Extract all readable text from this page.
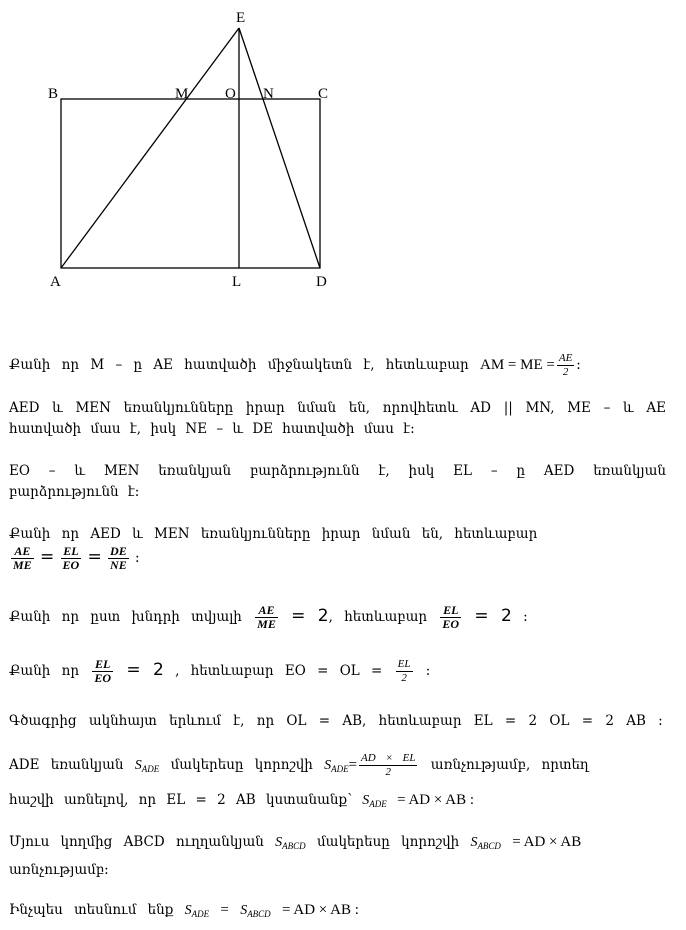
E
B	M O N	C
A	L	D
Քանի որ M – ը AE հատվածի միջնակետն է, հետևաբար AM = ME = $\frac{AE}{2}$ :

AED և MEN եռանկյունները իրար նման են, որովհետև AD || MN, ME – և AE հատվածի մաս է, իսկ NE – և DE հատվածի մաս է:

EO – և MEN եռանկյան բարձրությունն է, իսկ EL – ը AED եռանկյան բարձրությունն է:

Քանի որ AED և MEN եռանկյունները իրար նման են, հետևաբար
$\frac{AE}{ME} = \frac{EL}{EO} = \frac{DE}{NE}$ :
Քանի որ ըստ խնդրի տվյալի $\frac{AE}{ME} = 2$, հետևաբար $\frac{EL}{EO} = 2$ :
Քանի որ $\frac{EL}{EO} = 2$ , հետևաբար EO = OL = $\frac{EL}{2}$ :
Գծագրից ակնհայտ երևում է, որ OL = AB, հետևաբար EL = 2 OL = 2 AB :
ADE եռանկյան $S_{ADE}$ մակերեսը կորոշվի $S_{ADE}= \frac{AD \times EL}{2}$ առնչությամբ, որտեղ
հաշվի առնելով, որ EL = 2 AB կստանանք՝ $S_{ADE}$ = AD × AB :
Մյուս կողմից ABCD ուղղանկյան $S_{ABCD}$ մակերեսը կորոշվի $S_{ABCD}$ = AD × AB
առնչությամբ:
Ինչպես տեսնում ենք $S_{ADE} = S_{ABCD}$ = AD × AB :
